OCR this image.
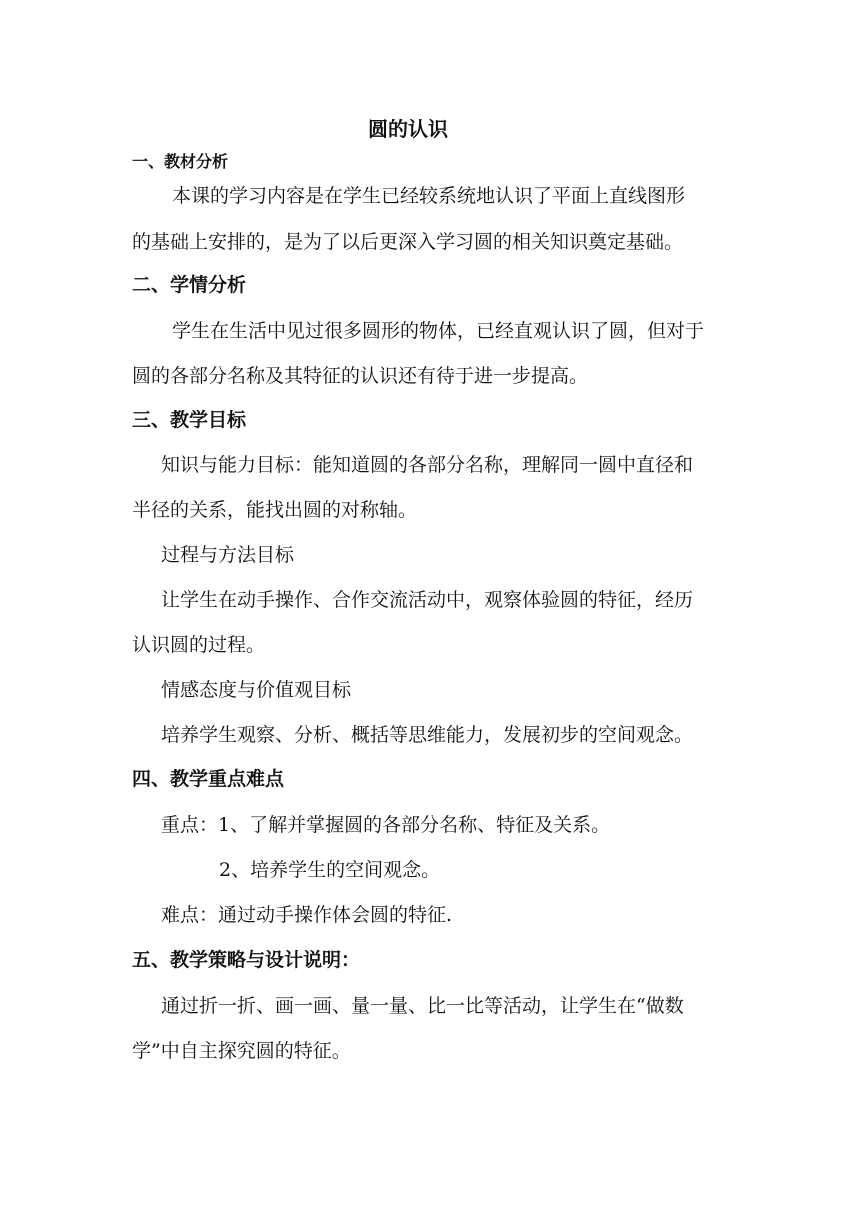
圆的认识
一、教材分析
本课的学习内容是在学生已经较系统地认识了平面上直线图形
的基础上安排的，是为了以后更深入学习圆的相关知识奠定基础。
二、学情分析
学生在生活中见过很多圆形的物体，已经直观认识了圆，但对于
圆的各部分名称及其特征的认识还有待于进一步提高。
三、教学目标
知识与能力目标：能知道圆的各部分名称，理解同一圆中直径和
半径的关系，能找出圆的对称轴。
过程与方法目标
让学生在动手操作、合作交流活动中，观察体验圆的特征，经历
认识圆的过程。
情感态度与价值观目标
培养学生观察、分析、概括等思维能力，发展初步的空间观念。
四、教学重点难点
重点：1、了解并掌握圆的各部分名称、特征及关系。
2、培养学生的空间观念。
难点：通过动手操作体会圆的特征.
五、教学策略与设计说明：
通过折一折、画一画、量一量、比一比等活动，让学生在“做数
学”中自主探究圆的特征。
